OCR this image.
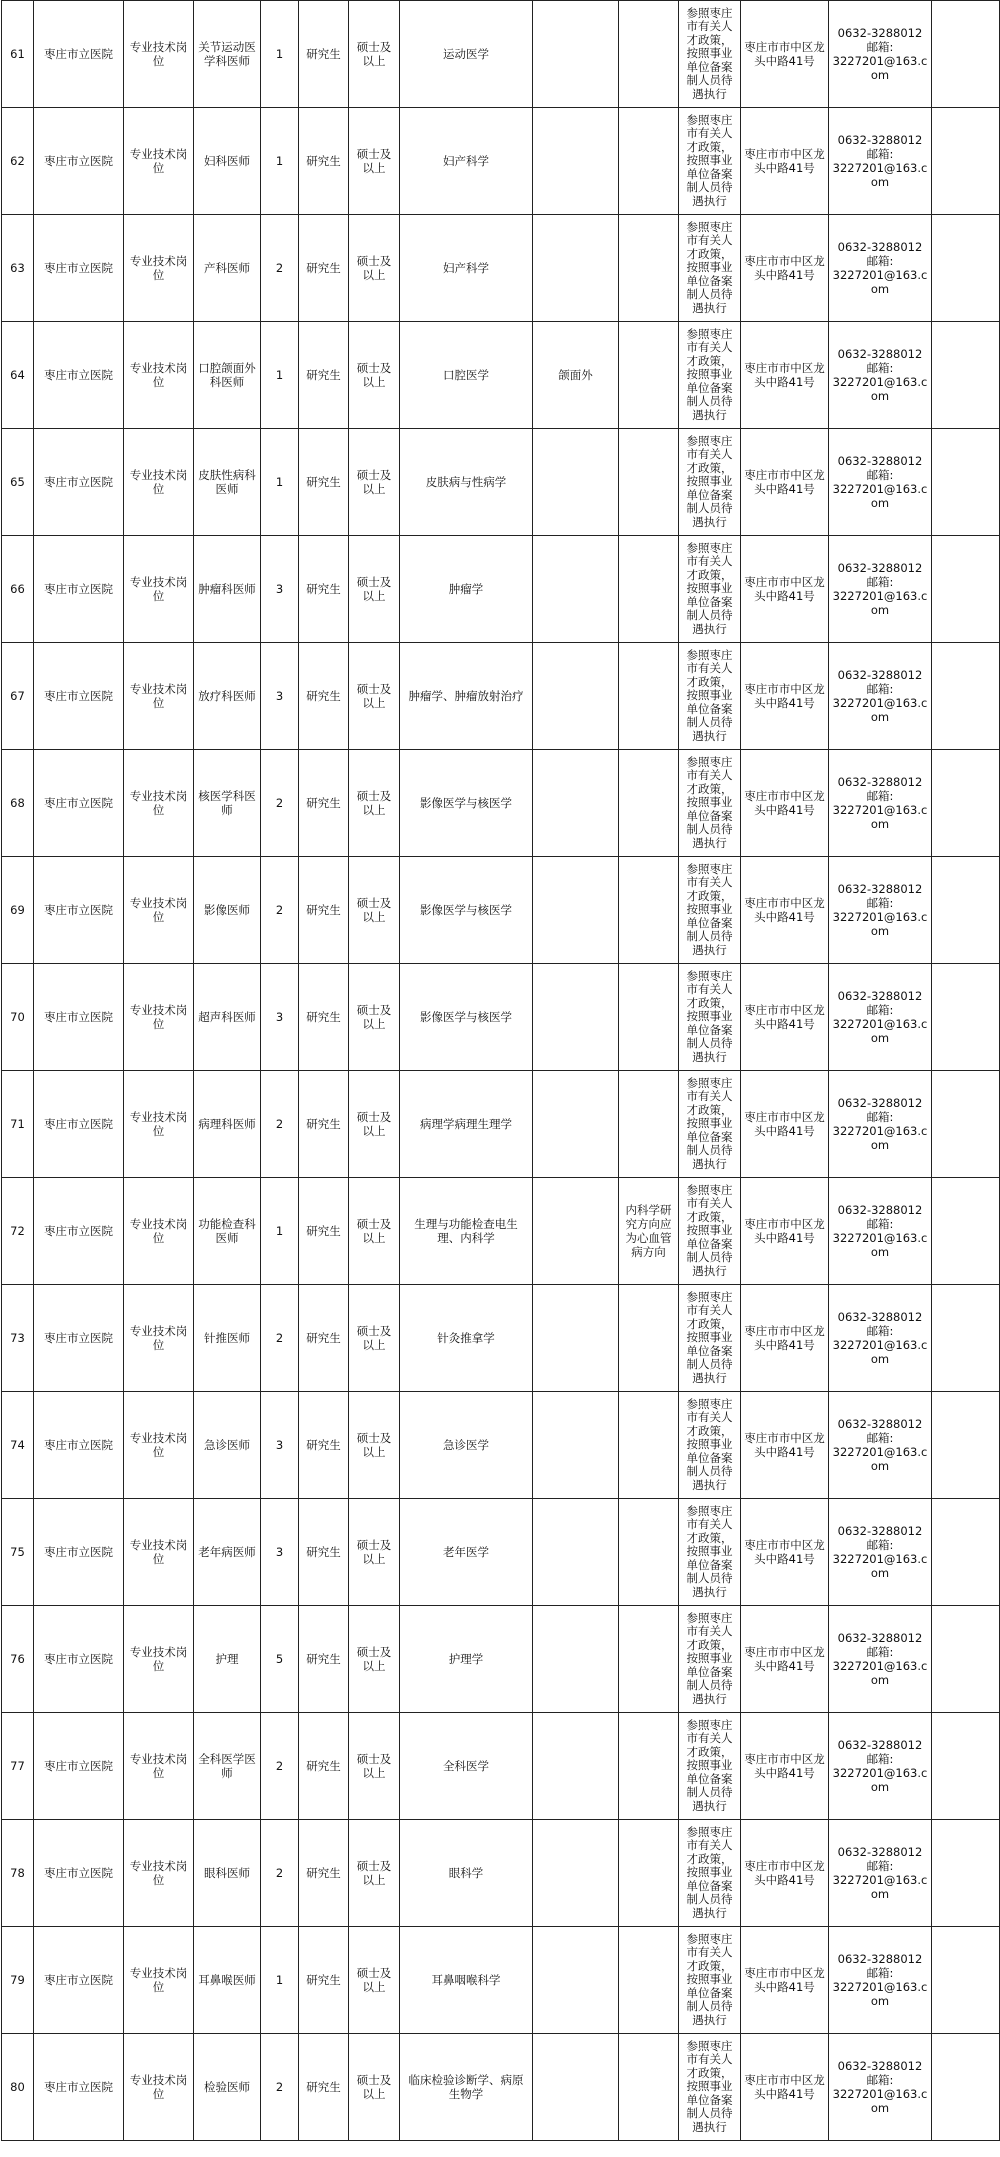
61	枣庄市立医院	专业技术岗位	关节运动医学科医师	1	研究生	硕士及以上	运动医学			参照枣庄市有关人才政策，按照事业单位备案制人员待遇执行	枣庄市市中区龙头中路41号	0632-3288012
邮箱:
3227201@163.com	
62	枣庄市立医院	专业技术岗位	妇科医师	1	研究生	硕士及以上	妇产科学			参照枣庄市有关人才政策，按照事业单位备案制人员待遇执行	枣庄市市中区龙头中路41号	0632-3288012
邮箱:
3227201@163.com	
63	枣庄市立医院	专业技术岗位	产科医师	2	研究生	硕士及以上	妇产科学			参照枣庄市有关人才政策，按照事业单位备案制人员待遇执行	枣庄市市中区龙头中路41号	0632-3288012
邮箱:
3227201@163.com	
64	枣庄市立医院	专业技术岗位	口腔颌面外科医师	1	研究生	硕士及以上	口腔医学	颌面外		参照枣庄市有关人才政策，按照事业单位备案制人员待遇执行	枣庄市市中区龙头中路41号	0632-3288012
邮箱:
3227201@163.com	
65	枣庄市立医院	专业技术岗位	皮肤性病科医师	1	研究生	硕士及以上	皮肤病与性病学			参照枣庄市有关人才政策，按照事业单位备案制人员待遇执行	枣庄市市中区龙头中路41号	0632-3288012
邮箱:
3227201@163.com	
66	枣庄市立医院	专业技术岗位	肿瘤科医师	3	研究生	硕士及以上	肿瘤学			参照枣庄市有关人才政策，按照事业单位备案制人员待遇执行	枣庄市市中区龙头中路41号	0632-3288012
邮箱:
3227201@163.com	
67	枣庄市立医院	专业技术岗位	放疗科医师	3	研究生	硕士及以上	肿瘤学、肿瘤放射治疗			参照枣庄市有关人才政策，按照事业单位备案制人员待遇执行	枣庄市市中区龙头中路41号	0632-3288012
邮箱:
3227201@163.com	
68	枣庄市立医院	专业技术岗位	核医学科医师	2	研究生	硕士及以上	影像医学与核医学			参照枣庄市有关人才政策，按照事业单位备案制人员待遇执行	枣庄市市中区龙头中路41号	0632-3288012
邮箱:
3227201@163.com	
69	枣庄市立医院	专业技术岗位	影像医师	2	研究生	硕士及以上	影像医学与核医学			参照枣庄市有关人才政策，按照事业单位备案制人员待遇执行	枣庄市市中区龙头中路41号	0632-3288012
邮箱:
3227201@163.com	
70	枣庄市立医院	专业技术岗位	超声科医师	3	研究生	硕士及以上	影像医学与核医学			参照枣庄市有关人才政策，按照事业单位备案制人员待遇执行	枣庄市市中区龙头中路41号	0632-3288012
邮箱:
3227201@163.com	
71	枣庄市立医院	专业技术岗位	病理科医师	2	研究生	硕士及以上	病理学病理生理学			参照枣庄市有关人才政策，按照事业单位备案制人员待遇执行	枣庄市市中区龙头中路41号	0632-3288012
邮箱:
3227201@163.com	
72	枣庄市立医院	专业技术岗位	功能检查科医师	1	研究生	硕士及以上	生理与功能检查电生理、内科学		内科学研究方向应为心血管病方向	参照枣庄市有关人才政策，按照事业单位备案制人员待遇执行	枣庄市市中区龙头中路41号	0632-3288012
邮箱:
3227201@163.com	
73	枣庄市立医院	专业技术岗位	针推医师	2	研究生	硕士及以上	针灸推拿学			参照枣庄市有关人才政策，按照事业单位备案制人员待遇执行	枣庄市市中区龙头中路41号	0632-3288012
邮箱:
3227201@163.com	
74	枣庄市立医院	专业技术岗位	急诊医师	3	研究生	硕士及以上	急诊医学			参照枣庄市有关人才政策，按照事业单位备案制人员待遇执行	枣庄市市中区龙头中路41号	0632-3288012
邮箱:
3227201@163.com	
75	枣庄市立医院	专业技术岗位	老年病医师	3	研究生	硕士及以上	老年医学			参照枣庄市有关人才政策，按照事业单位备案制人员待遇执行	枣庄市市中区龙头中路41号	0632-3288012
邮箱:
3227201@163.com	
76	枣庄市立医院	专业技术岗位	护理	5	研究生	硕士及以上	护理学			参照枣庄市有关人才政策，按照事业单位备案制人员待遇执行	枣庄市市中区龙头中路41号	0632-3288012
邮箱:
3227201@163.com	
77	枣庄市立医院	专业技术岗位	全科医学医师	2	研究生	硕士及以上	全科医学			参照枣庄市有关人才政策，按照事业单位备案制人员待遇执行	枣庄市市中区龙头中路41号	0632-3288012
邮箱:
3227201@163.com	
78	枣庄市立医院	专业技术岗位	眼科医师	2	研究生	硕士及以上	眼科学			参照枣庄市有关人才政策，按照事业单位备案制人员待遇执行	枣庄市市中区龙头中路41号	0632-3288012
邮箱:
3227201@163.com	
79	枣庄市立医院	专业技术岗位	耳鼻喉医师	1	研究生	硕士及以上	耳鼻咽喉科学			参照枣庄市有关人才政策，按照事业单位备案制人员待遇执行	枣庄市市中区龙头中路41号	0632-3288012
邮箱:
3227201@163.com	
80	枣庄市立医院	专业技术岗位	检验医师	2	研究生	硕士及以上	临床检验诊断学、病原生物学			参照枣庄市有关人才政策，按照事业单位备案制人员待遇执行	枣庄市市中区龙头中路41号	0632-3288012
邮箱:
3227201@163.com	
